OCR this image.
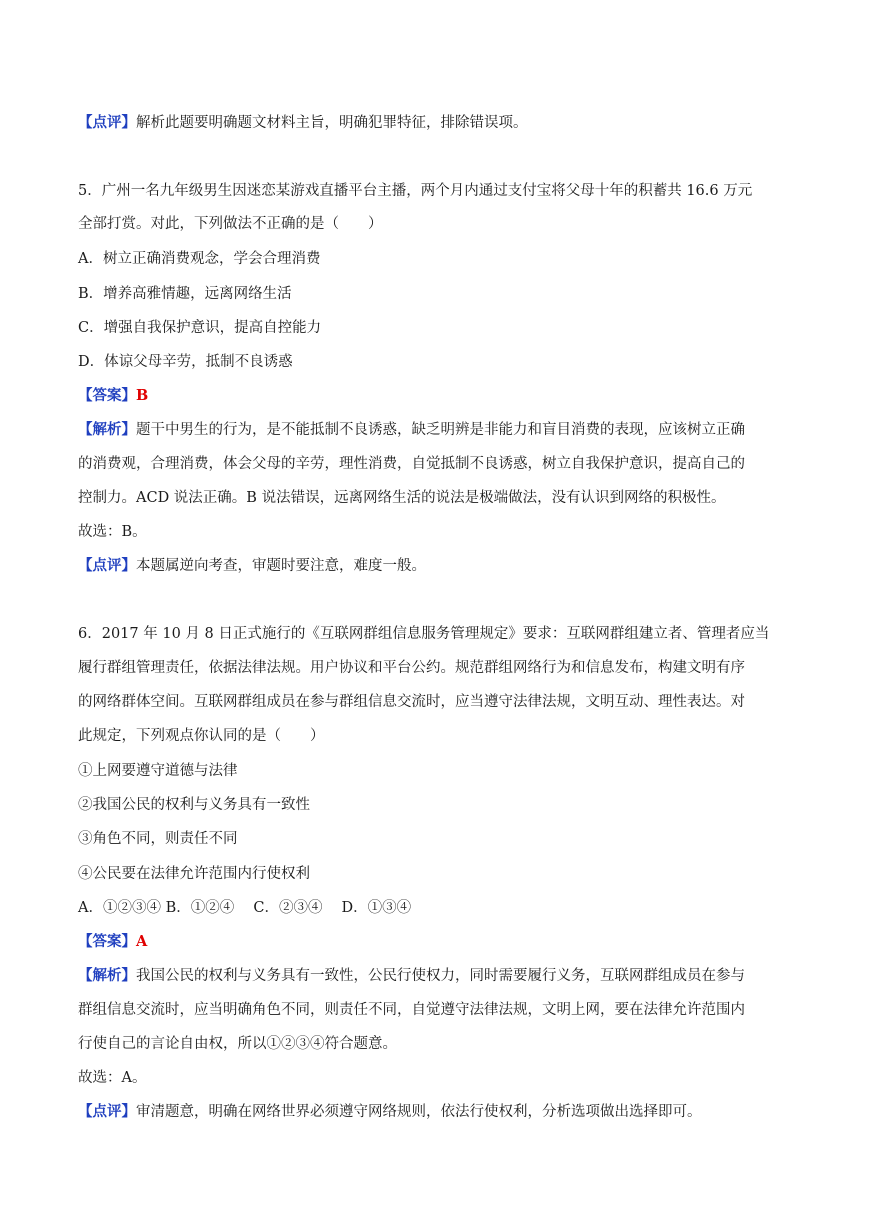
【点评】解析此题要明确题文材料主旨，明确犯罪特征，排除错误项。
5．广州一名九年级男生因迷恋某游戏直播平台主播，两个月内通过支付宝将父母十年的积蓄共 16.6 万元
全部打赏。对此，下列做法不正确的是（　　）
A．树立正确消费观念，学会合理消费
B．增养高雅情趣，远离网络生活
C．增强自我保护意识，提高自控能力
D．体谅父母辛劳，抵制不良诱惑
【答案】B
【解析】题干中男生的行为，是不能抵制不良诱惑，缺乏明辨是非能力和盲目消费的表现，应该树立正确
的消费观，合理消费，体会父母的辛劳，理性消费，自觉抵制不良诱惑，树立自我保护意识，提高自己的
控制力。ACD 说法正确。B 说法错误，远离网络生活的说法是极端做法，没有认识到网络的积极性。
故选：B。
【点评】本题属逆向考查，审题时要注意，难度一般。
6．2017 年 10 月 8 日正式施行的《互联网群组信息服务管理规定》要求：互联网群组建立者、管理者应当
履行群组管理责任，依据法律法规。用户协议和平台公约。规范群组网络行为和信息发布，构建文明有序
的网络群体空间。互联网群组成员在参与群组信息交流时，应当遵守法律法规，文明互动、理性表达。对
此规定，下列观点你认同的是（　　）
①上网要遵守道德与法律
②我国公民的权利与义务具有一致性
③角色不同，则责任不同
④公民要在法律允许范围内行使权利
A．①②③④ B．①②④　 C．②③④　 D．①③④
【答案】A
【解析】我国公民的权利与义务具有一致性，公民行使权力，同时需要履行义务，互联网群组成员在参与
群组信息交流时，应当明确角色不同，则责任不同，自觉遵守法律法规，文明上网，要在法律允许范围内
行使自己的言论自由权，所以①②③④符合题意。
故选：A。
【点评】审清题意，明确在网络世界必须遵守网络规则，依法行使权利，分析选项做出选择即可。
